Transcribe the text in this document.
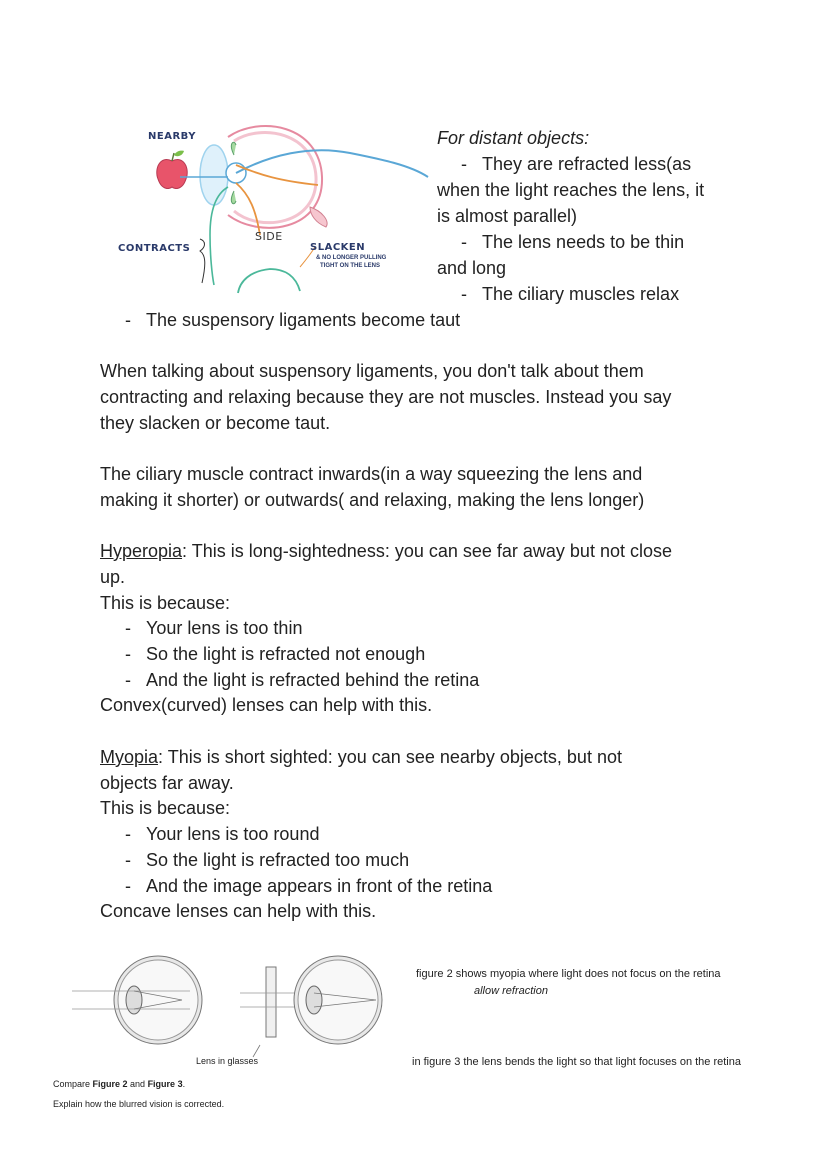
NEARBY
CONTRACTS
SIDE
SLACKEN
& NO LONGER PULLING
TIGHT ON THE LENS
For distant objects:
- They are refracted less(as
when the light reaches the lens, it
is almost parallel)
- The lens needs to be thin
and long
- The ciliary muscles relax
- The suspensory ligaments become taut
When talking about suspensory ligaments, you don't talk about them
contracting and relaxing because they are not muscles. Instead you say
they slacken or become taut.
The ciliary muscle contract inwards(in a way squeezing the lens and
making it shorter) or outwards( and relaxing, making the lens longer)
Hyperopia: This is long-sightedness: you can see far away but not close
up.
This is because:
- Your lens is too thin
- So the light is refracted not enough
- And the light is refracted behind the retina
Convex(curved) lenses can help with this.
Myopia: This is short sighted: you can see nearby objects, but not
objects far away.
This is because:
- Your lens is too round
- So the light is refracted too much
- And the image appears in front of the retina
Concave lenses can help with this.
Lens in glasses
Compare Figure 2 and Figure 3.
Explain how the blurred vision is corrected.
figure 2 shows myopia where light does not focus on the retina
allow refraction
in figure 3 the lens bends the light so that light focuses on the retina
